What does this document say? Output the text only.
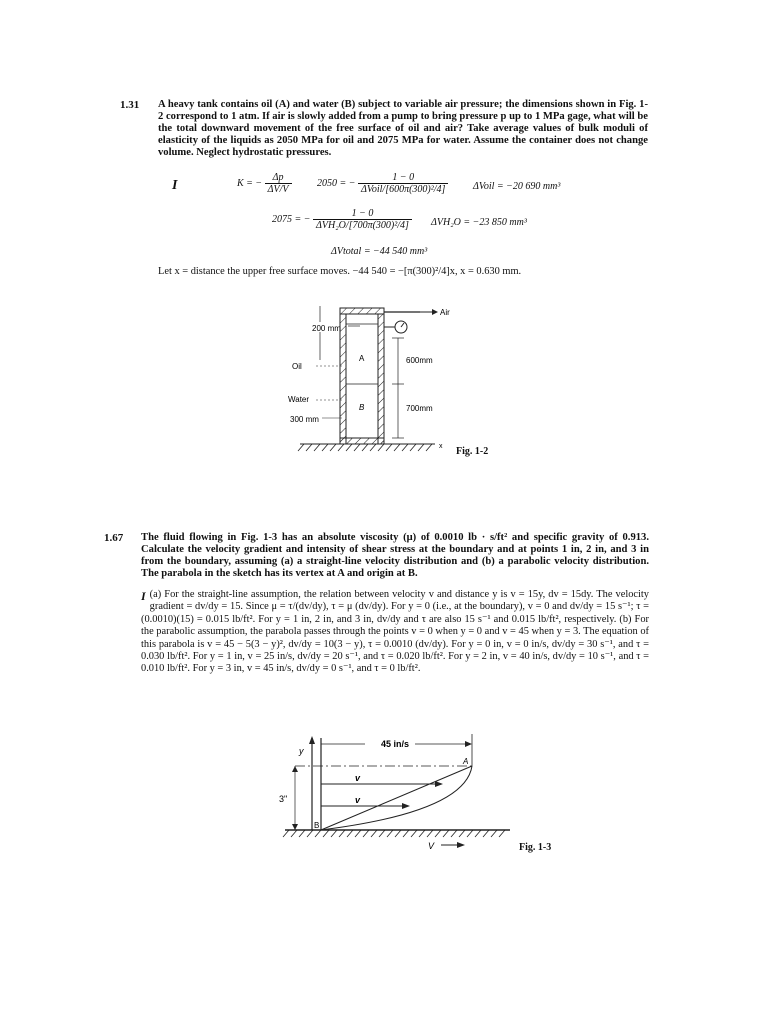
1.31 A heavy tank contains oil (A) and water (B) subject to variable air pressure; the dimensions shown in Fig. 1-2 correspond to 1 atm. If air is slowly added from a pump to bring pressure p up to 1 MPa gage, what will be the total downward movement of the free surface of oil and air? Take average values of bulk moduli of elasticity of the liquids as 2050 MPa for oil and 2075 MPa for water. Assume the container does not change volume. Neglect hydrostatic pressures.
I	K = − $\frac{\Delta p}{\Delta V/V}$	2050 = − $\frac{1 - 0}{\text{ΔVoil/[600π(300)²/4]}}$ ΔVoil = −20 690 mm³
2075 = − $\frac{1 - 0}{\text{ΔVH₂O/[700π(300)²/4]}} \Delta VH_2O = -23$ 850 mm³
ΔVtotal = −44 540 mm³
Let x = distance the upper free surface moves. −44 540 = −[π(300)²/4]x, x = 0.630 mm.
Air
200 mm
Oil
A	600mm
Water
B	700mm
300 mm
x Fig. 1-2
1.67 The fluid flowing in Fig. 1-3 has an absolute viscosity (μ) of 0.0010 lb · s/ft² and specific gravity of 0.913. Calculate the velocity gradient and intensity of shear stress at the boundary and at points 1 in, 2 in, and 3 in from the boundary, assuming (a) a straight-line velocity distribution and (b) a parabolic velocity distribution. The parabola in the sketch has its vertex at A and origin at B.
I (a) For the straight-line assumption, the relation between velocity v and distance y is v = 15y, dv = 15dy. The velocity gradient = dv/dy = 15. Since μ = τ/(dv/dy), τ = μ (dv/dy). For y = 0 (i.e., at the boundary), v = 0 and dv/dy = 15 s⁻¹; τ = (0.0010)(15) = 0.015 lb/ft². For y = 1 in, 2 in, and 3 in, dv/dy and τ are also 15 s⁻¹ and 0.015 lb/ft², respectively. (b) For the parabolic assumption, the parabola passes through the points v = 0 when y = 0 and v = 45 when y = 3. The equation of this parabola is v = 45 − 5(3 − y)², dv/dy = 10(3 − y), τ = 0.0010 (dv/dy). For y = 0 in, v = 0 in/s, dv/dy = 30 s⁻¹, and τ = 0.030 lb/ft². For y = 1 in, v = 25 in/s, dv/dy = 20 s⁻¹, and τ = 0.020 lb/ft². For y = 2 in, v = 40 in/s, dv/dy = 10 s⁻¹, and τ = 0.010 lb/ft². For y = 3 in, v = 45 in/s, dv/dy = 0 s⁻¹, and τ = 0 lb/ft².
45 in/s
y
A
v
v
3"
B
V	Fig. 1-3
